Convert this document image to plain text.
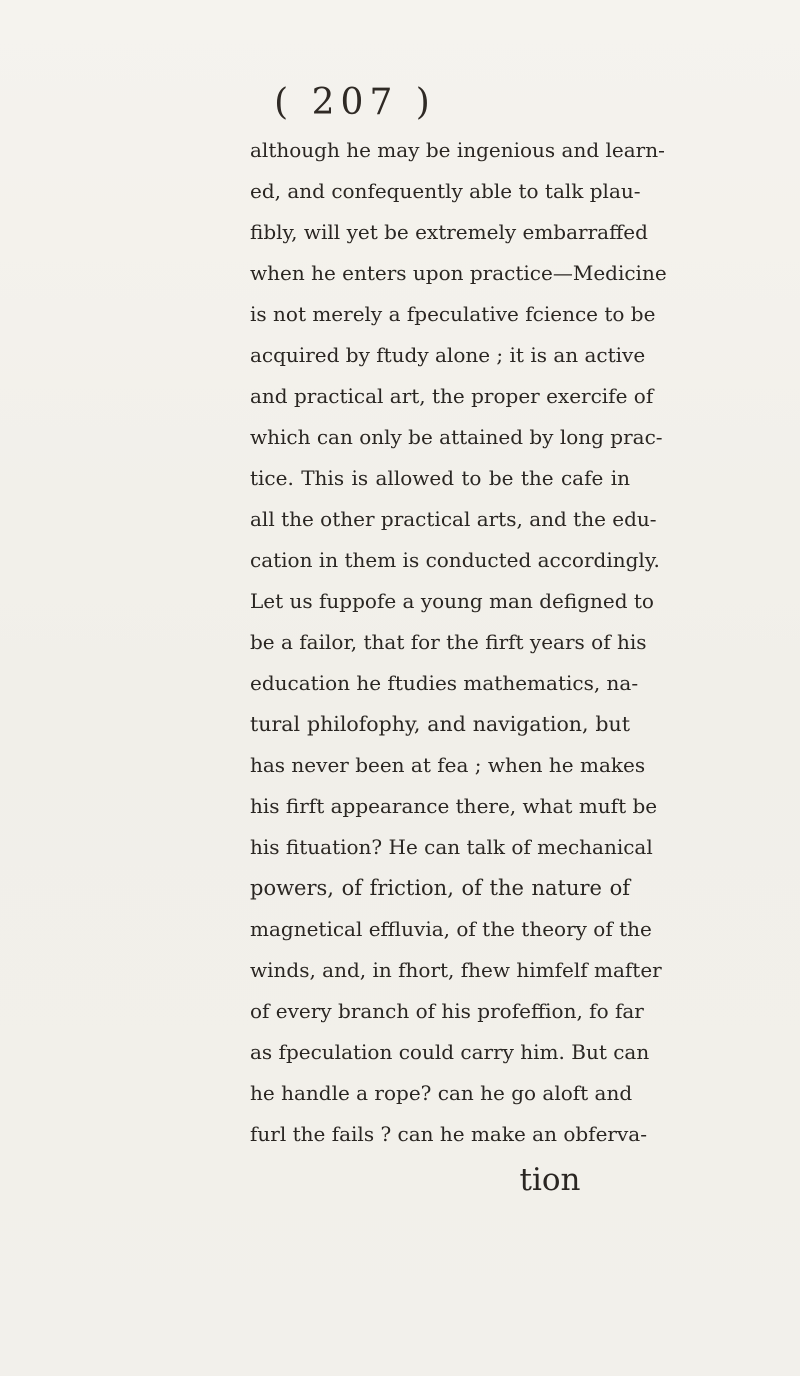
( 207 )
although he may be ingenious and learn-
ed, and confequently able to talk plau-
fibly, will yet be extremely embarraffed
when he enters upon practice—Medicine
is not merely a fpeculative fcience to be
acquired by ftudy alone ; it is an active
and practical art, the proper exercife of
which can only be attained by long prac-
tice. This is allowed to be the cafe in
all the other practical arts, and the edu-
cation in them is conducted accordingly.
Let us fuppofe a young man defigned to
be a failor, that for the firft years of his
education he ftudies mathematics, na-
tural philofophy, and navigation, but
has never been at fea ; when he makes
his firft appearance there, what muft be
his fituation? He can talk of mechanical
powers, of friction, of the nature of
magnetical effluvia, of the theory of the
winds, and, in fhort, fhew himfelf mafter
of every branch of his profeffion, fo far
as fpeculation could carry him. But can
he handle a rope? can he go aloft and
furl the fails ? can he make an obferva-
tion
